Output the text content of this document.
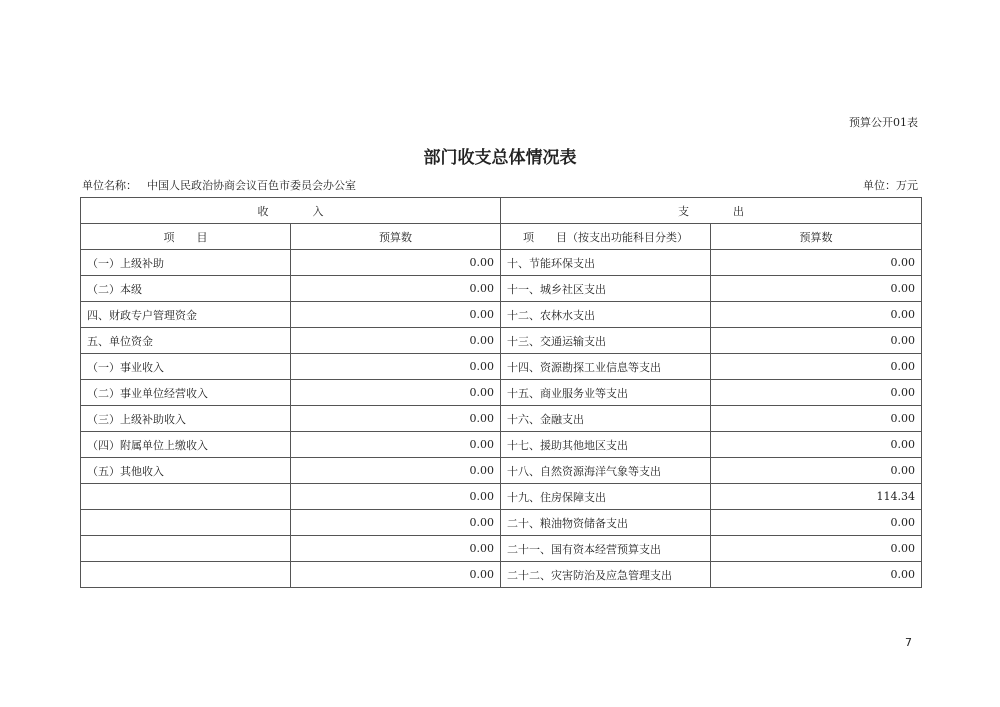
预算公开01表
部门收支总体情况表
单位名称： 中国人民政治协商会议百色市委员会办公室	单位：万元
收　　　　入		支　　　　出	
项　　目	预算数	项　　目（按支出功能科目分类）	预算数
（一）上级补助	0.00	十、节能环保支出	0.00
（二）本级	0.00	十一、城乡社区支出	0.00
四、财政专户管理资金	0.00	十二、农林水支出	0.00
五、单位资金	0.00	十三、交通运输支出	0.00
（一）事业收入	0.00	十四、资源勘探工业信息等支出	0.00
（二）事业单位经营收入	0.00	十五、商业服务业等支出	0.00
（三）上级补助收入	0.00	十六、金融支出	0.00
（四）附属单位上缴收入	0.00	十七、援助其他地区支出	0.00
（五）其他收入	0.00	十八、自然资源海洋气象等支出	0.00
	0.00	十九、住房保障支出	114.34
	0.00	二十、粮油物资储备支出	0.00
	0.00	二十一、国有资本经营预算支出	0.00
	0.00	二十二、灾害防治及应急管理支出	0.00
7
